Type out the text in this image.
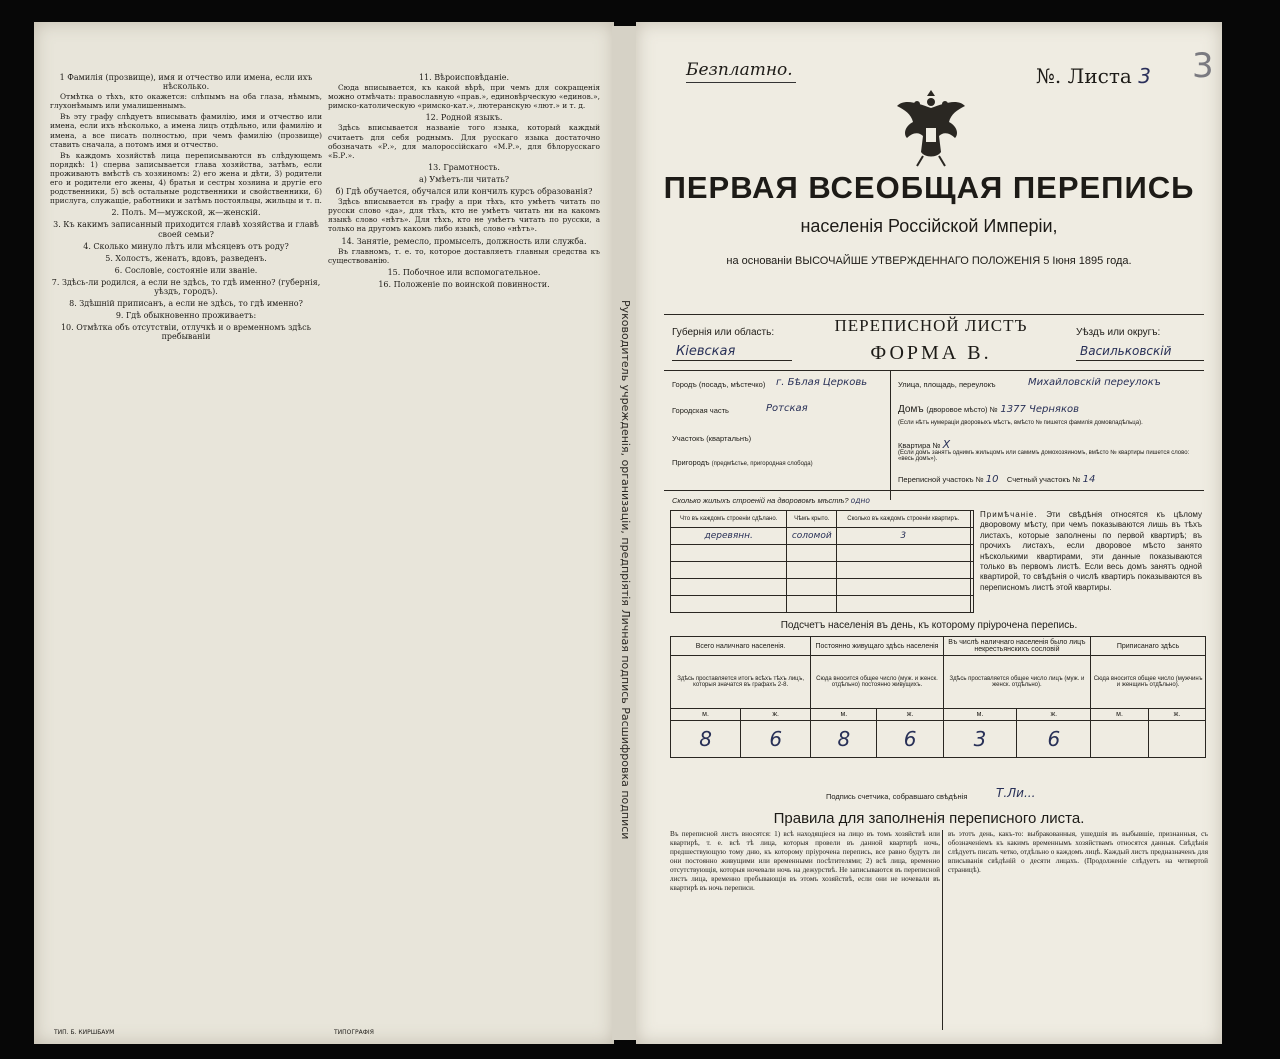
1 Фамилія (прозвище), имя и отчество или имена, если ихъ нѣсколько.

Отмѣтка о тѣхъ, кто окажется: слѣпымъ на оба глаза, нѣмымъ, глухонѣмымъ или умалишеннымъ.

Въ эту графу слѣдуетъ вписывать фамилію, имя и отчество или имена, если ихъ нѣсколько, а имена лицъ отдѣльно, или фамилію и имена, а все писать полностью, при чемъ фамилію (прозвище) ставить сначала, а потомъ имя и отчество.

Въ каждомъ хозяйствѣ лица переписываются въ слѣдующемъ порядкѣ: 1) сперва записывается глава хозяйства, затѣмъ, если проживаютъ вмѣстѣ съ хозяиномъ: 2) его жена и дѣти, 3) родители его и родители его жены, 4) братья и сестры хозяина и другіе его родственники, 5) всѣ остальные родственники и свойственники, 6) прислуга, служащіе, работники и затѣмъ постояльцы, жильцы и т. п.

2. Полъ. М—мужской, ж—женскій.
3. Къ какимъ записанный приходится главѣ хозяйства и главѣ своей семьи?
4. Сколько минуло лѣтъ или мѣсяцевъ отъ роду?
5. Холостъ, женатъ, вдовъ, разведенъ.
6. Сословіе, состояніе или званіе.
7. Здѣсь-ли родился, а если не здѣсь, то гдѣ именно? (губернія, уѣздъ, городъ).
8. Здѣшній приписанъ, а если не здѣсь, то гдѣ именно?
9. Гдѣ обыкновенно проживаетъ:
10. Отмѣтка объ отсутствіи, отлучкѣ и о временномъ здѣсь пребываніи
11. Вѣроисповѣданіе.

Сюда вписывается, къ какой вѣрѣ, при чемъ для сокращенія можно отмѣчать: православную «прав.», единовѣрческую «единов.», римско-католическую «римско-кат.», лютеранскую «лют.» и т. д.

12. Родной языкъ.

Здѣсь вписывается названіе того языка, который каждый считаетъ для себя роднымъ. Для русскаго языка достаточно обозначать «Р.», для малороссійскаго «М.Р.», для бѣлорусскаго «Б.Р.».

13. Грамотность.
а) Умѣетъ-ли читать?
б) Гдѣ обучается, обучался или кончилъ курсъ образованія?

Здѣсь вписывается въ графу а при тѣхъ, кто умѣетъ читать по русски слово «да», для тѣхъ, кто не умѣетъ читать ни на какомъ языкѣ слово «нѣтъ». Для тѣхъ, кто не умѣетъ читать по русски, а только на другомъ какомъ либо языкѣ, слово «нѣтъ».

14. Занятіе, ремесло, промыселъ, должность или служба.

Въ главномъ, т. е. то, которое доставляетъ главныя средства къ существованію.

15. Побочное или вспомогательное.
16. Положеніе по воинской повинности.
ТИП. Б. КИРШБАУМ	ТИПОГРАФІЯ
Руководитель учрежденія, организаціи, предпріятія Личная подпись Расшифровка подписи
Безплатно.	№. Листа 3 3
ПЕРВАЯ ВСЕОБЩАЯ ПЕРЕПИСЬ
населенія Россійской Имперіи,
на основаніи ВЫСОЧАЙШЕ УТВЕРЖДЕННАГО ПОЛОЖЕНІЯ 5 Іюня 1895 года.
Губернія или область:
Кіевская
ПЕРЕПИСНОЙ ЛИСТЪ
ФОРМА В.
Уѣздъ или округъ:
Васильковскій
Городъ (посадъ, мѣстечко) г. Бѣлая Церковь	Улица, площадь, переулокъ	Михайловскій переулокъ
Городская часть	Ротская	Домъ (дворовое мѣсто) № 1377 Черняков
(Если нѣтъ нумераціи дворовыхъ мѣстъ, вмѣсто № пишется фамилія домовладѣльца).
Участокъ (квартальнъ)
Квартира № X
(Если домъ занятъ однимъ жильцомъ или самимъ домохозяиномъ, вмѣсто № квартиры пишется слово: «весь домъ»).
Пригородъ (предмѣстье, пригородная слобода)
Переписной участокъ № 10 Счетный участокъ № 14
Сколько жилыхъ строеній на дворовомъ мѣстѣ? одно
Что въ каждомъ строеніи сдѣлано.	Чѣмъ крыто.	Сколько въ каждомъ строеніи квартиръ.	
деревянн.	соломой	3	

Примѣчаніе. Эти свѣдѣнія относятся къ цѣлому дворовому мѣсту, при чемъ показываются лишь въ тѣхъ листахъ, которые заполнены по первой квартирѣ; въ прочихъ листахъ, если дворовое мѣсто занято нѣсколькими квартирами, эти данные показываются только въ первомъ листѣ. Если весь домъ занятъ одной квартирой, то свѣдѣнія о числѣ квартиръ показываются въ переписномъ листѣ этой квартиры.
Подсчетъ населенія въ день, къ которому пріурочена перепись.
Всего наличнаго населенія.		Постоянно живущаго здѣсь населенія		Въ числѣ наличнаго населенія было лицъ некрестьянскихъ сословій		Приписанаго здѣсь	
Здѣсь проставляется итогъ всѣхъ тѣхъ лицъ, которыя значатся въ графахъ 2-8.		Сюда вносится общее число (муж. и женск. отдѣльно) постоянно живущихъ.		Здѣсь проставляется общее число лицъ (муж. и женск. отдѣльно).		Сюда вносится общее число (мужчинъ и женщинъ отдѣльно).	
м.	ж.	м.	ж.	м.	ж.	м.	ж.
8	6	8	6	3	6		
Подпись счетчика, собравшаго свѣдѣнія Т.Ли...
Правила для заполненія переписного листа.
Въ переписной листъ вносятся: 1) всѣ находящіеся на лицо въ томъ хозяйствѣ или квартирѣ, т. е. всѣ тѣ лица, которыя провели въ данной квартирѣ ночь, предшествующую тому дню, къ которому пріурочена перепись, все равно будутъ ли они постоянно живущими или временными посѣтителями; 2) всѣ лица, временно отсутствующія, которыя ночевали ночь на дежурствѣ. Не записываются въ переписной листъ лица, временно пребывающія въ этомъ хозяйствѣ, если они не ночевали въ квартирѣ въ ночь переписи.
въ этотъ день, какъ-то: выбракованныя, ушедшія въ выбывшіе, признанныя, съ обозначеніемъ къ какимъ временнымъ хозяйствамъ относятся данныя. Свѣдѣнія слѣдуетъ писать четко, отдѣльно о каждомъ лицѣ. Каждый листъ предназначенъ для вписыванія свѣдѣній о десяти лицахъ. (Продолженіе слѣдуетъ на четвертой страницѣ).
